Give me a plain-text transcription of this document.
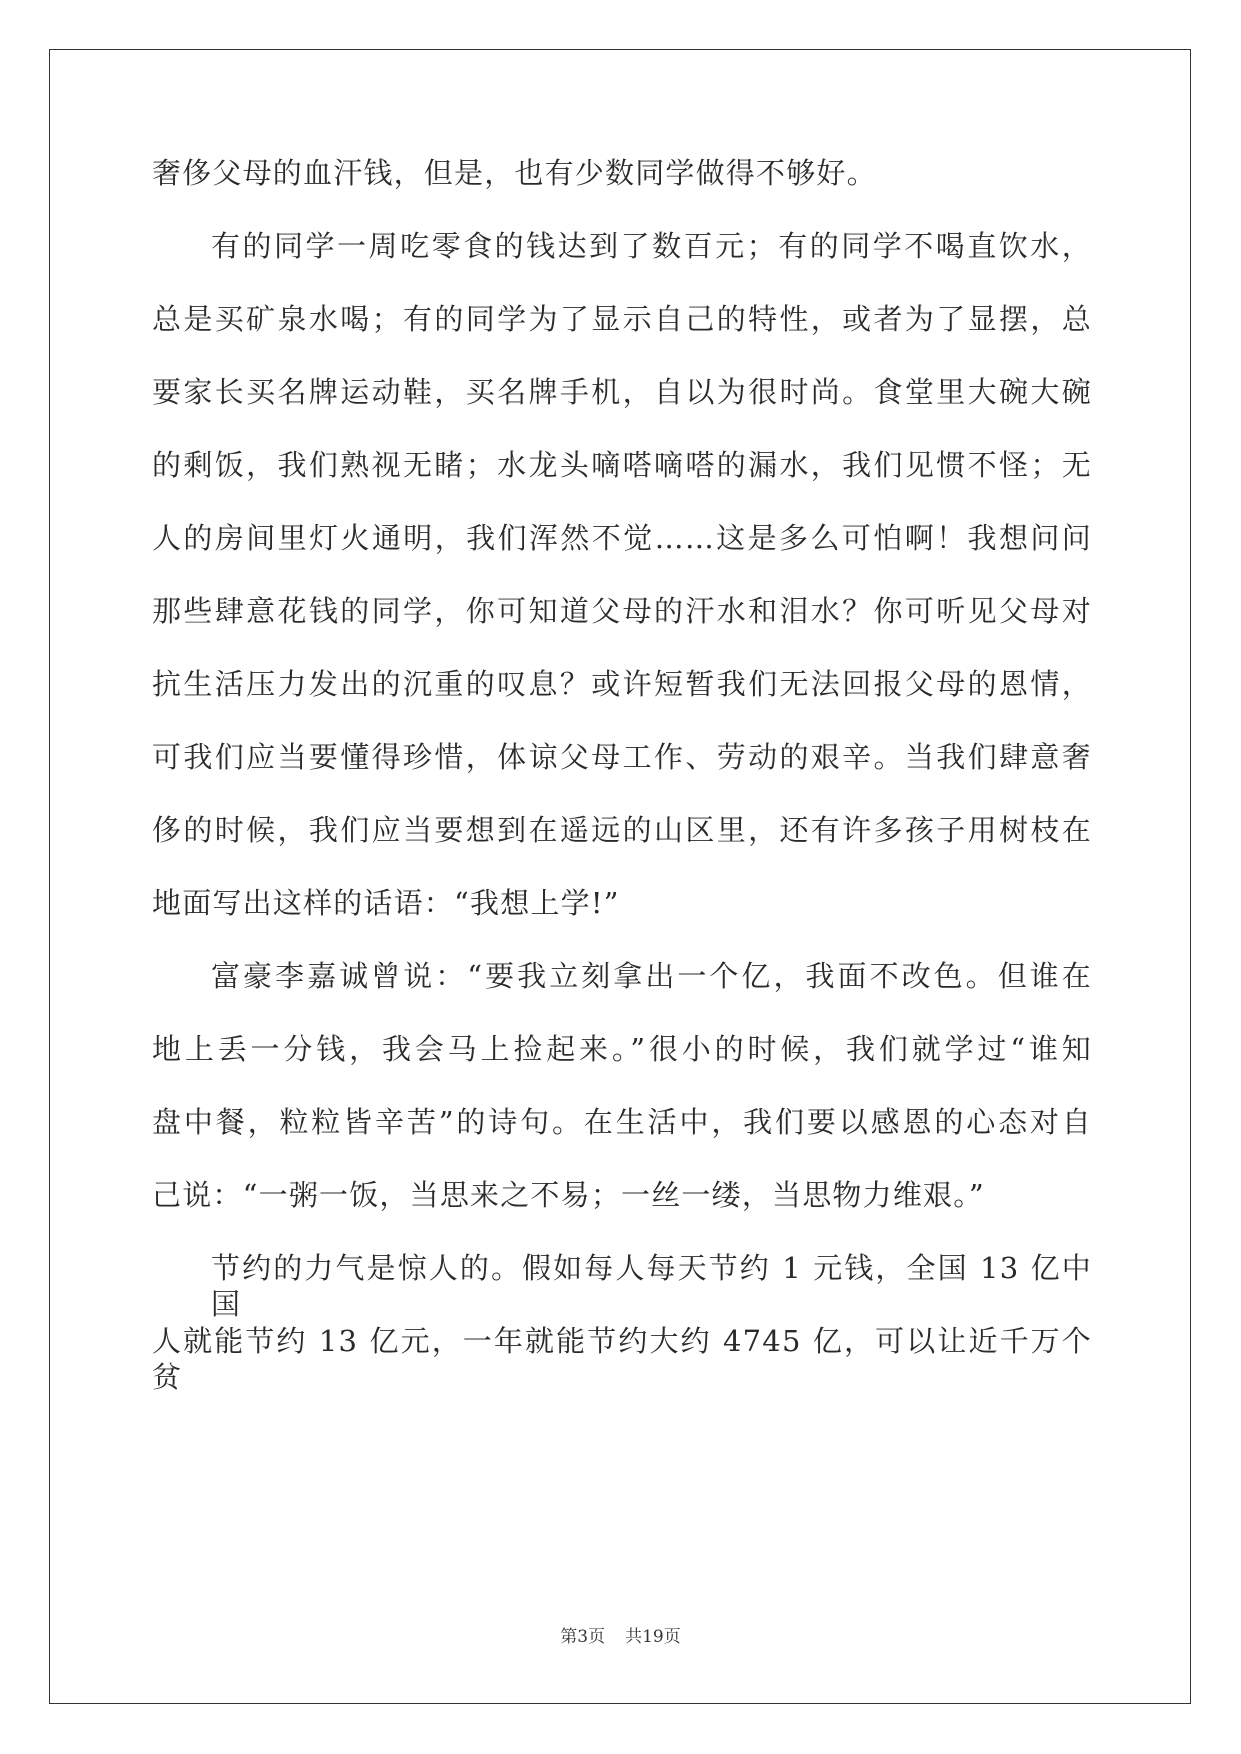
奢侈父母的血汗钱，但是，也有少数同学做得不够好。
有的同学一周吃零食的钱达到了数百元；有的同学不喝直饮水，
总是买矿泉水喝；有的同学为了显示自己的特性，或者为了显摆，总
要家长买名牌运动鞋，买名牌手机，自以为很时尚。食堂里大碗大碗
的剩饭，我们熟视无睹；水龙头嘀嗒嘀嗒的漏水，我们见惯不怪；无
人的房间里灯火通明，我们浑然不觉……这是多么可怕啊！我想问问
那些肆意花钱的同学，你可知道父母的汗水和泪水？你可听见父母对
抗生活压力发出的沉重的叹息？或许短暂我们无法回报父母的恩情，
可我们应当要懂得珍惜，体谅父母工作、劳动的艰辛。当我们肆意奢
侈的时候，我们应当要想到在遥远的山区里，还有许多孩子用树枝在
地面写出这样的话语：“我想上学!”
富豪李嘉诚曾说：“要我立刻拿出一个亿，我面不改色。但谁在
地上丢一分钱，我会马上捡起来。”很小的时候，我们就学过“谁知
盘中餐，粒粒皆辛苦”的诗句。在生活中，我们要以感恩的心态对自
己说：“一粥一饭，当思来之不易；一丝一缕，当思物力维艰。”
节约的力气是惊人的。假如每人每天节约 1 元钱，全国 13 亿中国
人就能节约 13 亿元，一年就能节约大约 4745 亿，可以让近千万个贫
第3页 共19页
